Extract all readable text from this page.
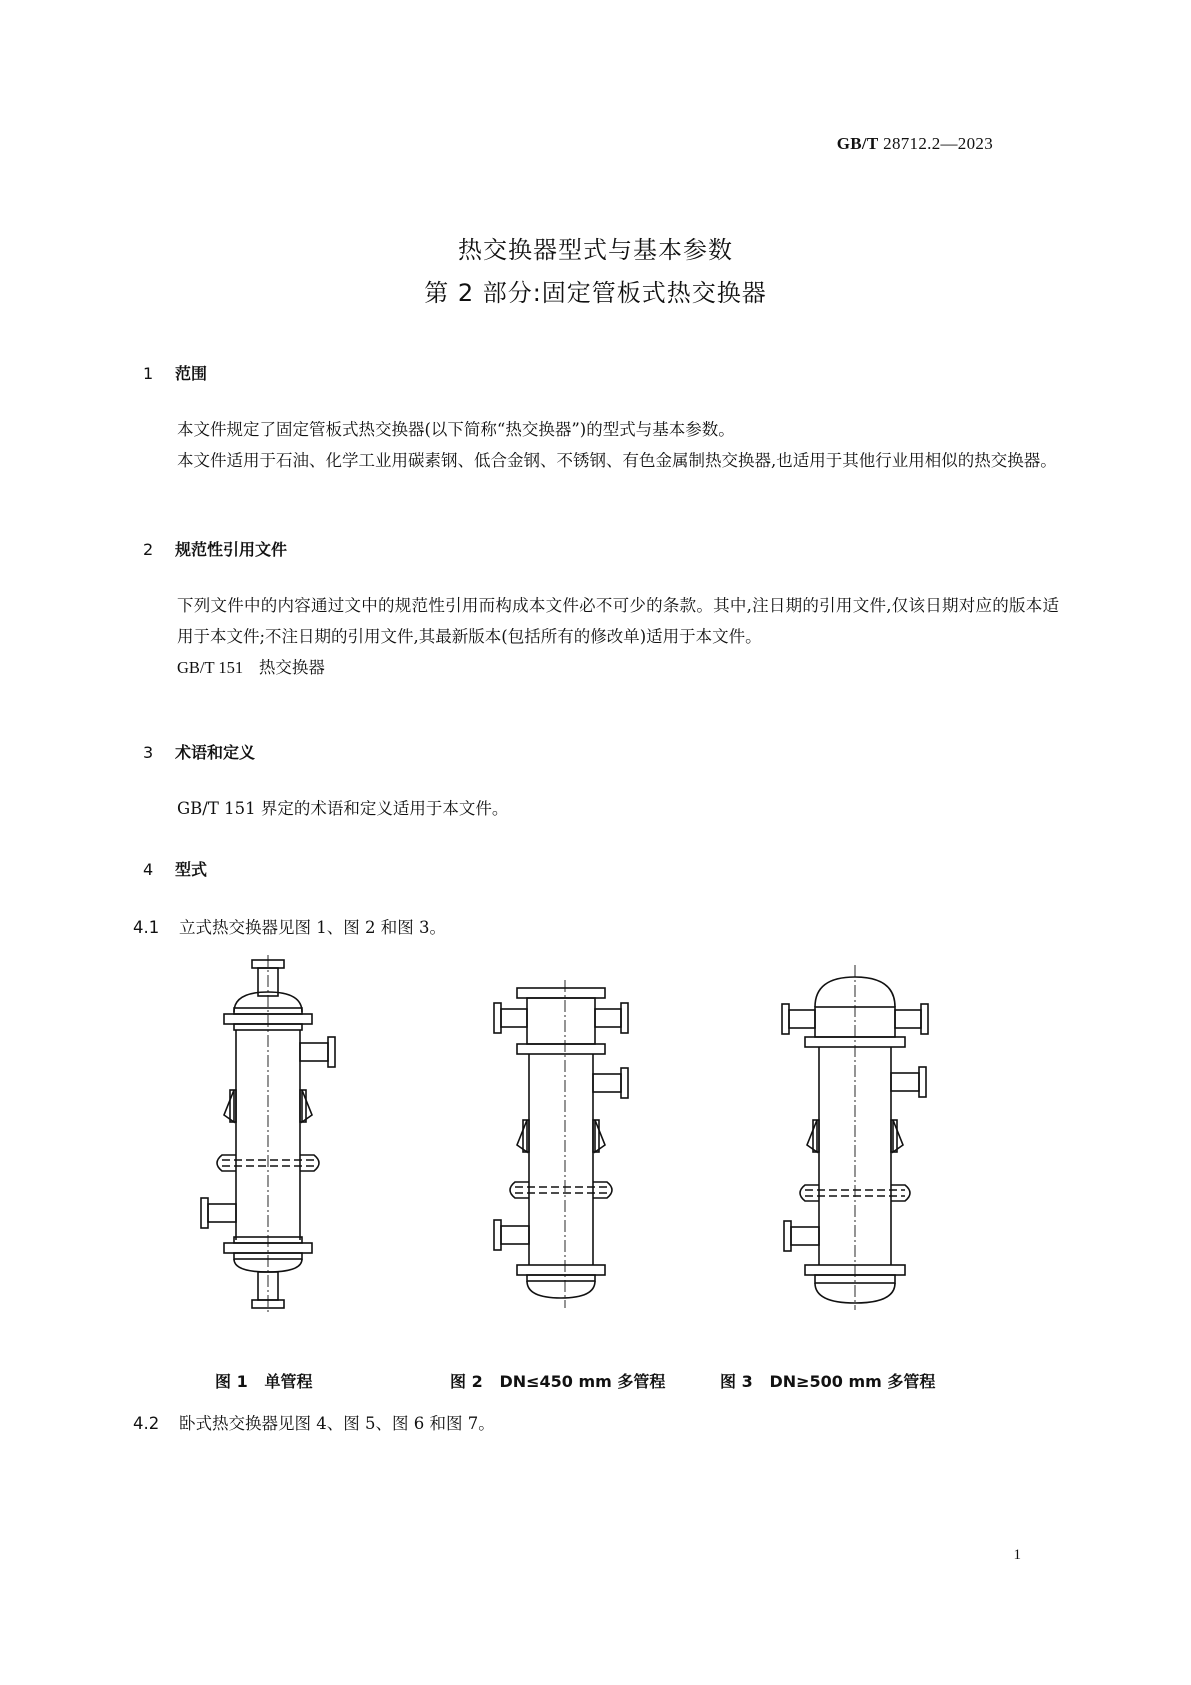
GB/T 28712.2—2023
热交换器型式与基本参数
第 2 部分:固定管板式热交换器
1 范围
本文件规定了固定管板式热交换器(以下简称“热交换器”)的型式与基本参数。
本文件适用于石油、化学工业用碳素钢、低合金钢、不锈钢、有色金属制热交换器,也适用于其他行业用相似的热交换器。
2 规范性引用文件
下列文件中的内容通过文中的规范性引用而构成本文件必不可少的条款。其中,注日期的引用文件,仅该日期对应的版本适用于本文件;不注日期的引用文件,其最新版本(包括所有的修改单)适用于本文件。
GB/T 151 热交换器
3 术语和定义
GB/T 151 界定的术语和定义适用于本文件。
4 型式
4.1 立式热交换器见图 1、图 2 和图 3。
图 1 单管程	图 2 DN≤450 mm 多管程	图 3 DN≥500 mm 多管程
4.2 卧式热交换器见图 4、图 5、图 6 和图 7。
1
